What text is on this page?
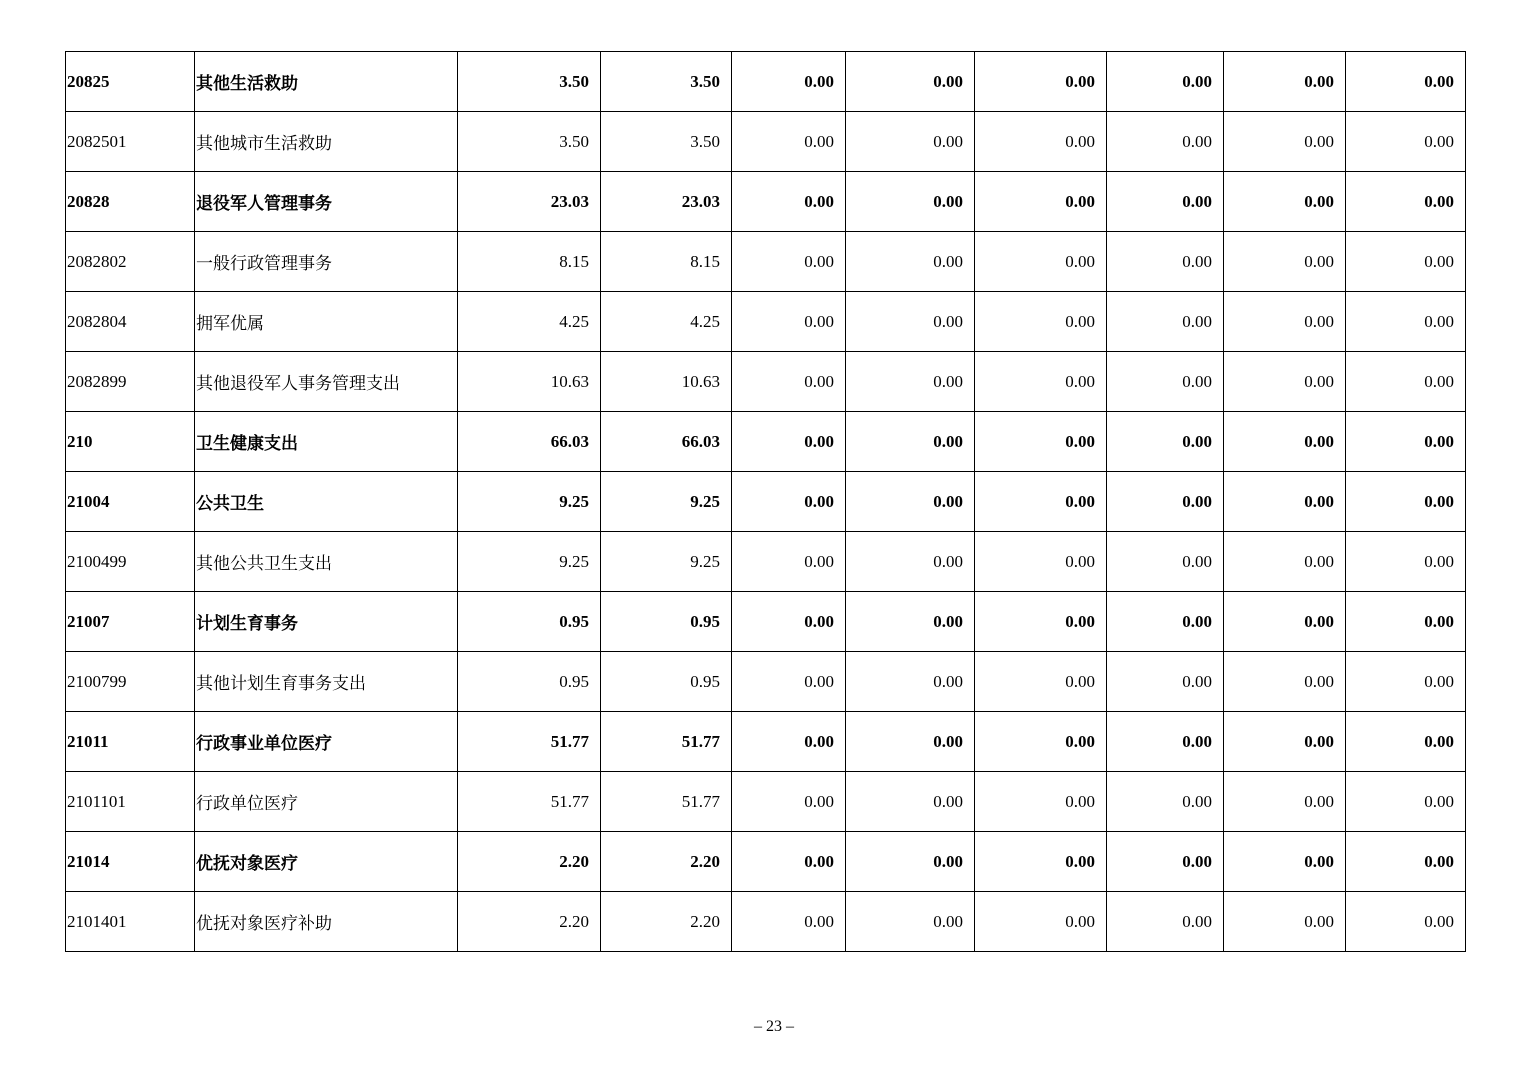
20825	其他生活救助	3.50	3.50	0.00	0.00	0.00	0.00	0.00	0.00
2082501	其他城市生活救助	3.50	3.50	0.00	0.00	0.00	0.00	0.00	0.00
20828	退役军人管理事务	23.03	23.03	0.00	0.00	0.00	0.00	0.00	0.00
2082802	一般行政管理事务	8.15	8.15	0.00	0.00	0.00	0.00	0.00	0.00
2082804	拥军优属	4.25	4.25	0.00	0.00	0.00	0.00	0.00	0.00
2082899	其他退役军人事务管理支出	10.63	10.63	0.00	0.00	0.00	0.00	0.00	0.00
210	卫生健康支出	66.03	66.03	0.00	0.00	0.00	0.00	0.00	0.00
21004	公共卫生	9.25	9.25	0.00	0.00	0.00	0.00	0.00	0.00
2100499	其他公共卫生支出	9.25	9.25	0.00	0.00	0.00	0.00	0.00	0.00
21007	计划生育事务	0.95	0.95	0.00	0.00	0.00	0.00	0.00	0.00
2100799	其他计划生育事务支出	0.95	0.95	0.00	0.00	0.00	0.00	0.00	0.00
21011	行政事业单位医疗	51.77	51.77	0.00	0.00	0.00	0.00	0.00	0.00
2101101	行政单位医疗	51.77	51.77	0.00	0.00	0.00	0.00	0.00	0.00
21014	优抚对象医疗	2.20	2.20	0.00	0.00	0.00	0.00	0.00	0.00
2101401	优抚对象医疗补助	2.20	2.20	0.00	0.00	0.00	0.00	0.00	0.00
– 23 –
